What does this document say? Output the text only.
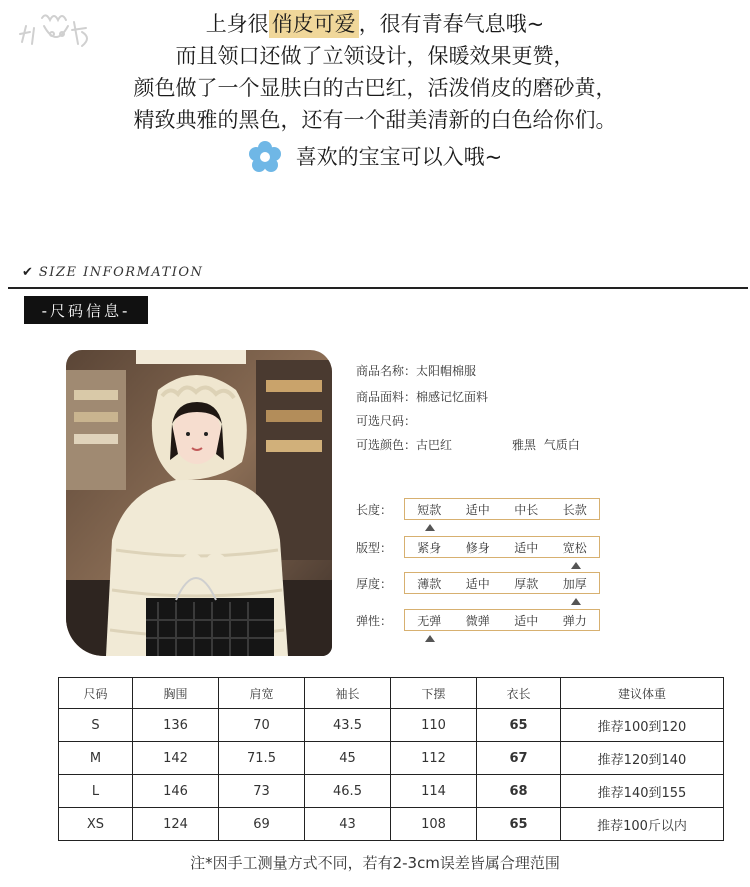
上身很 俏皮可爱 ，很有青春气息哦~
而且领口还做了立领设计，保暖效果更赞，
颜色做了一个显肤白的古巴红，活泼俏皮的磨砂黄，
精致典雅的黑色，还有一个甜美清新的白色给你们。
喜欢的宝宝可以入哦~
✔ SIZE INFORMATION
-尺码信息-
商品名称：太阳帽棉服
商品面料：棉感记忆面料
可选尺码：
可选颜色：古巴红	雅黑 气质白
长度： 短款 适中 中长 长款
版型： 紧身 修身 适中 宽松
厚度： 薄款 适中 厚款 加厚
弹性： 无弹 微弹 适中 弹力
尺码	胸围	肩宽	袖长	下摆	衣长	建议体重
S	136	70	43.5	110	65	推荐100到120
M	142	71.5	45	112	67	推荐120到140
L	146	73	46.5	114	68	推荐140到155
XS	124	69	43	108	65	推荐100斤以内
注*因手工测量方式不同，若有2-3cm误差皆属合理范围
